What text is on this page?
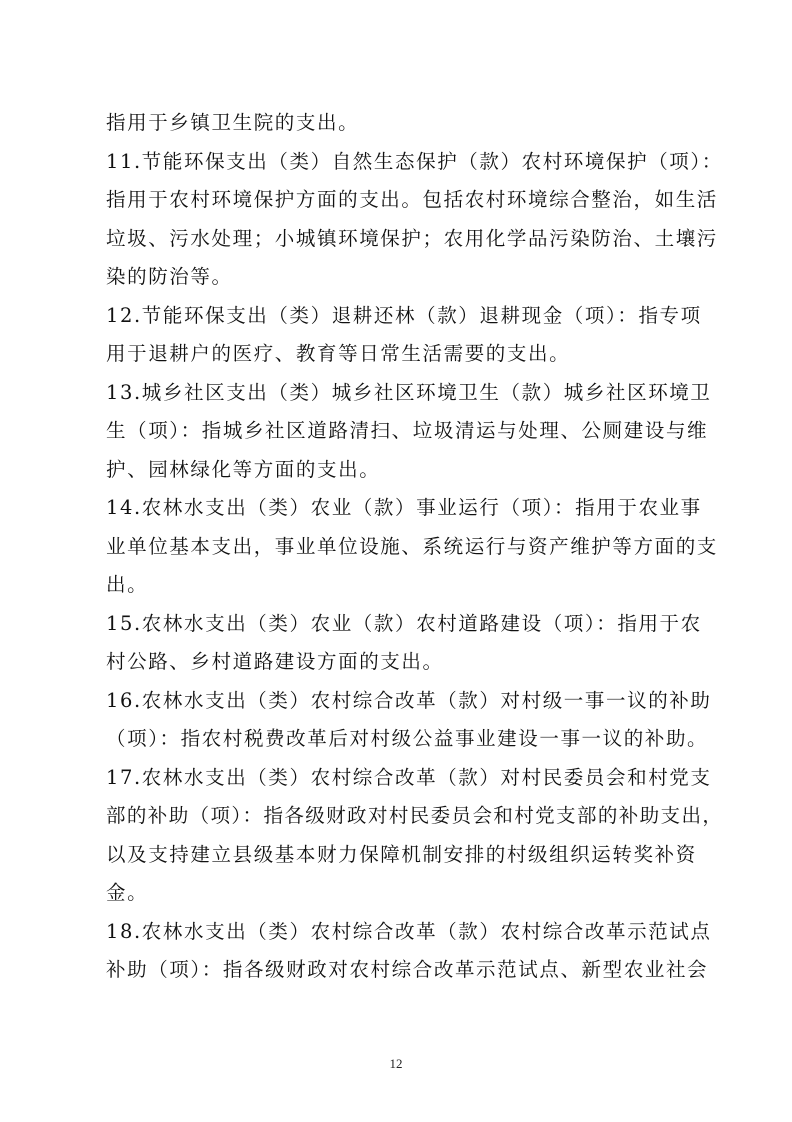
指用于乡镇卫生院的支出。
11.节能环保支出（类）自然生态保护（款）农村环境保护（项）：
指用于农村环境保护方面的支出。包括农村环境综合整治，如生活
垃圾、污水处理；小城镇环境保护；农用化学品污染防治、土壤污
染的防治等。
12.节能环保支出（类）退耕还林（款）退耕现金（项）：指专项
用于退耕户的医疗、教育等日常生活需要的支出。
13.城乡社区支出（类）城乡社区环境卫生（款）城乡社区环境卫
生（项）：指城乡社区道路清扫、垃圾清运与处理、公厕建设与维
护、园林绿化等方面的支出。
14.农林水支出（类）农业（款）事业运行（项）：指用于农业事
业单位基本支出，事业单位设施、系统运行与资产维护等方面的支
出。
15.农林水支出（类）农业（款）农村道路建设（项）：指用于农
村公路、乡村道路建设方面的支出。
16.农林水支出（类）农村综合改革（款）对村级一事一议的补助
（项）：指农村税费改革后对村级公益事业建设一事一议的补助。
17.农林水支出（类）农村综合改革（款）对村民委员会和村党支
部的补助（项）：指各级财政对村民委员会和村党支部的补助支出，
以及支持建立县级基本财力保障机制安排的村级组织运转奖补资
金。
18.农林水支出（类）农村综合改革（款）农村综合改革示范试点
补助（项）：指各级财政对农村综合改革示范试点、新型农业社会
12
